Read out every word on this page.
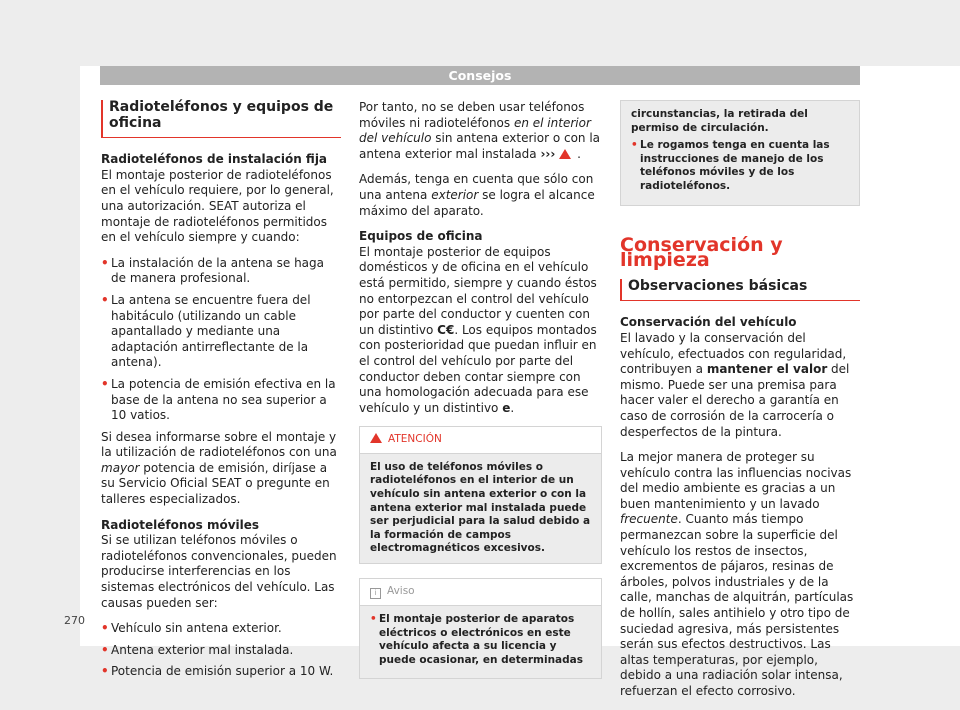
Consejos
Radioteléfonos y equipos de oficina

Radioteléfonos de instalación fija

El montaje posterior de radioteléfonos en el vehículo requiere, por lo general, una autorización. SEAT autoriza el montaje de radioteléfonos permitidos en el vehículo siempre y cuando:

• La instalación de la antena se haga de manera profesional.
• La antena se encuentre fuera del habitáculo (utilizando un cable apantallado y mediante una adaptación antirreflectante de la antena).
• La potencia de emisión efectiva en la base de la antena no sea superior a 10 vatios.

Si desea informarse sobre el montaje y la utilización de radioteléfonos con una mayor potencia de emisión, diríjase a su Servicio Oficial SEAT o pregunte en talleres especializados.

Radioteléfonos móviles

Si se utilizan teléfonos móviles o radioteléfonos convencionales, pueden producirse interferencias en los sistemas electrónicos del vehículo. Las causas pueden ser:

• Vehículo sin antena exterior.
• Antena exterior mal instalada.
• Potencia de emisión superior a 10 W.

Por tanto, no se deben usar teléfonos móviles ni radioteléfonos en el interior del vehículo sin antena exterior o con la antena exterior mal instalada ››› .

Además, tenga en cuenta que sólo con una antena exterior se logra el alcance máximo del aparato.

Equipos de oficina

El montaje posterior de equipos domésticos y de oficina en el vehículo está permitido, siempre y cuando éstos no entorpezcan el control del vehículo por parte del conductor y cuenten con un distintivo C€. Los equipos montados con posterioridad que puedan influir en el control del vehículo por parte del conductor deben contar siempre con una homologación adecuada para ese vehículo y un distintivo e.

ATENCIÓN
El uso de teléfonos móviles o radioteléfonos en el interior de un vehículo sin antena exterior o con la antena exterior mal instalada puede ser perjudicial para la salud debido a la formación de campos electromagnéticos excesivos.
i Aviso
• El montaje posterior de aparatos eléctricos o electrónicos en este vehículo afecta a su licencia y puede ocasionar, en determinadas

circunstancias, la retirada del permiso de circulación.

• Le rogamos tenga en cuenta las instrucciones de manejo de los teléfonos móviles y de los radioteléfonos.
Conservación y limpieza
Observaciones básicas

Conservación del vehículo

El lavado y la conservación del vehículo, efectuados con regularidad, contribuyen a mantener el valor del mismo. Puede ser una premisa para hacer valer el derecho a garantía en caso de corrosión de la carrocería o desperfectos de la pintura.

La mejor manera de proteger su vehículo contra las influencias nocivas del medio ambiente es gracias a un buen mantenimiento y un lavado frecuente. Cuanto más tiempo permanezcan sobre la superficie del vehículo los restos de insectos, excrementos de pájaros, resinas de árboles, polvos industriales y de la calle, manchas de alquitrán, partículas de hollín, sales antihielo y otro tipo de suciedad agresiva, más persistentes serán sus efectos destructivos. Las altas temperaturas, por ejemplo, debido a una radiación solar intensa, refuerzan el efecto corrosivo.

270
